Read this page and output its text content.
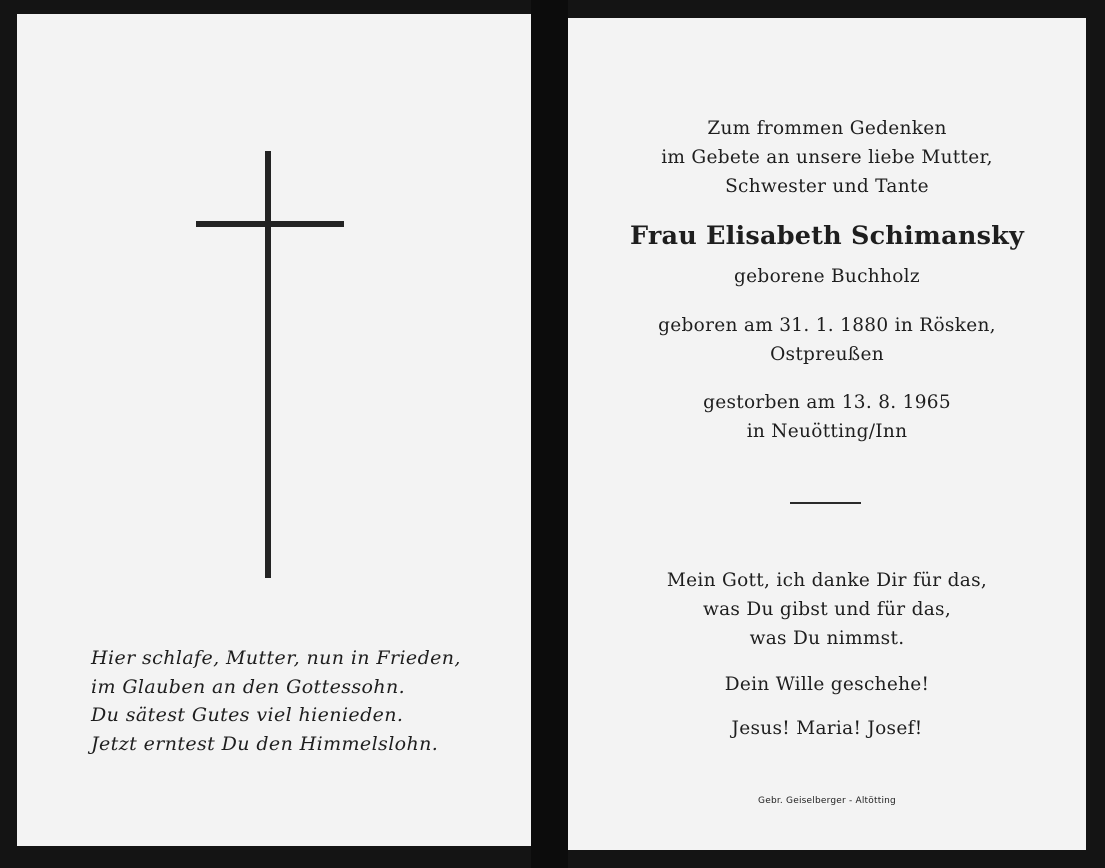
Hier schlafe, Mutter, nun in Frieden,
im Glauben an den Gottessohn.
Du sätest Gutes viel hienieden.
Jetzt erntest Du den Himmelslohn.
Zum frommen Gedenken
im Gebete an unsere liebe Mutter,
Schwester und Tante
Frau Elisabeth Schimansky
geborene Buchholz
geboren am 31. 1. 1880 in Rösken,
Ostpreußen
gestorben am 13. 8. 1965
in Neuötting/Inn
Mein Gott, ich danke Dir für das,
was Du gibst und für das,
was Du nimmst.
Dein Wille geschehe!
Jesus! Maria! Josef!
Gebr. Geiselberger - Altötting
